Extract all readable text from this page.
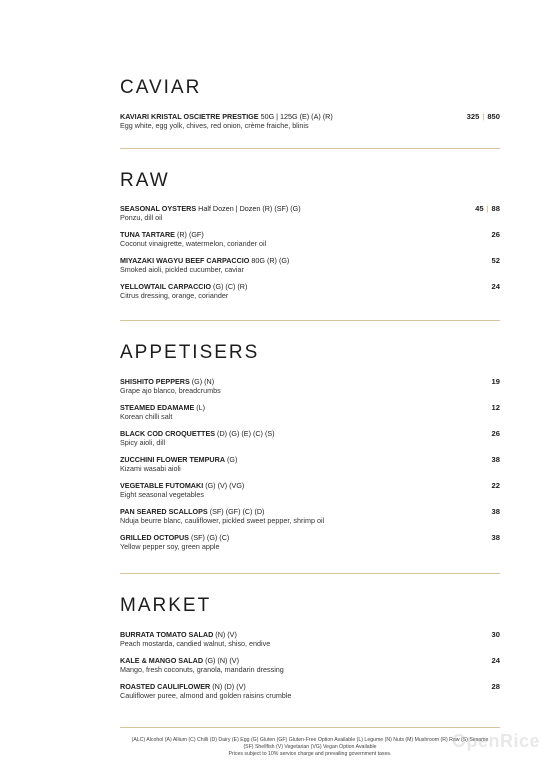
CAVIAR
KAVIARI KRISTAL OSCIETRE PRESTIGE 50G | 125G (E) (A) (R)
Egg white, egg yolk, chives, red onion, crème fraiche, blinis
325 | 850
RAW
SEASONAL OYSTERS Half Dozen | Dozen (R) (SF) (G)
Ponzu, dill oil
45 | 88
TUNA TARTARE (R) (GF)
Coconut vinaigrette, watermelon, coriander oil
26
MIYAZAKI WAGYU BEEF CARPACCIO 80G (R) (G)
Smoked aioli, pickled cucumber, caviar
52
YELLOWTAIL CARPACCIO (G) (C) (R)
Citrus dressing, orange, coriander
24
APPETISERS
SHISHITO PEPPERS (G) (N)
Grape ajo blanco, breadcrumbs
19
STEAMED EDAMAME (L)
Korean chilli salt
12
BLACK COD CROQUETTES (D) (G) (E) (C) (S)
Spicy aioli, dill
26
ZUCCHINI FLOWER TEMPURA (G)
Kizami wasabi aioli
38
VEGETABLE FUTOMAKI (G) (V) (VG)
Eight seasonal vegetables
22
PAN SEARED SCALLOPS (SF) (GF) (C) (D)
Nduja beurre blanc, cauliflower, pickled sweet pepper, shrimp oil
38
GRILLED OCTOPUS (SF) (G) (C)
Yellow pepper soy, green apple
38
MARKET
BURRATA TOMATO SALAD (N) (V)
Peach mostarda, candied walnut, shiso, endive
30
KALE & MANGO SALAD (G) (N) (V)
Mango, fresh coconuts, granola, mandarin dressing
24
ROASTED CAULIFLOWER (N) (D) (V)
Cauliflower puree, almond and golden raisins crumble
28
(ALC) Alcohol (A) Allium (C) Chilli (D) Dairy (E) Egg (G) Gluten (GF) Gluten-Free Option Available (L) Legume (N) Nuts (M) Mushroom (R) Raw (S) Sesame
(SF) Shellfish (V) Vegetarian (VG) Vegan Option Available
Prices subject to 10% service charge and prevailing government taxes.
OpenRice
